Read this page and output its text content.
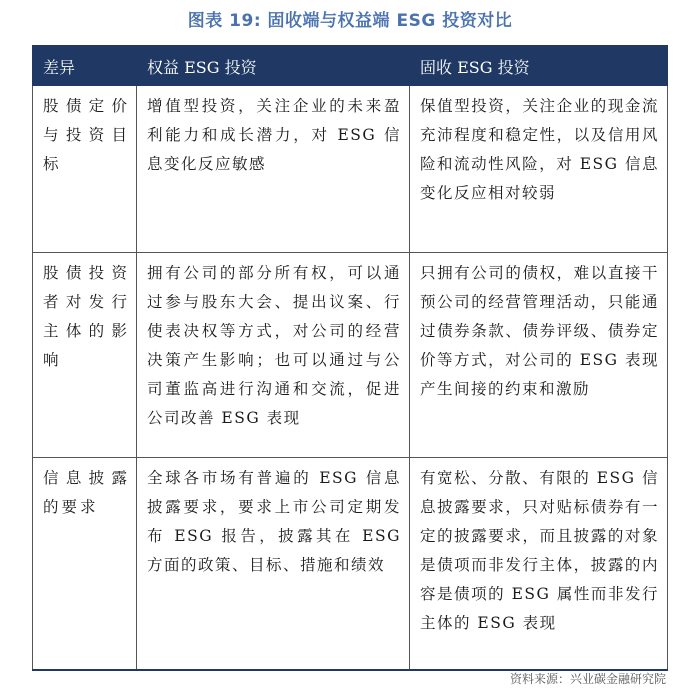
图表 19: 固收端与权益端 ESG 投资对比
差异	权益 ESG 投资	固收 ESG 投资
股债定价与投资目标	增值型投资，关注企业的未来盈利能力和成长潜力，对 ESG 信息变化反应敏感	保值型投资，关注企业的现金流充沛程度和稳定性，以及信用风险和流动性风险，对 ESG 信息变化反应相对较弱
股债投资者对发行主体的影响	拥有公司的部分所有权，可以通过参与股东大会、提出议案、行使表决权等方式，对公司的经营决策产生影响；也可以通过与公司董监高进行沟通和交流，促进公司改善 ESG 表现	只拥有公司的债权，难以直接干预公司的经营管理活动，只能通过债券条款、债券评级、债券定价等方式，对公司的 ESG 表现产生间接的约束和激励
信息披露的要求	全球各市场有普遍的 ESG 信息披露要求，要求上市公司定期发布 ESG 报告，披露其在 ESG 方面的政策、目标、措施和绩效	有宽松、分散、有限的 ESG 信息披露要求，只对贴标债券有一定的披露要求，而且披露的对象是债项而非发行主体，披露的内容是债项的 ESG 属性而非发行主体的 ESG 表现
资料来源：兴业碳金融研究院
